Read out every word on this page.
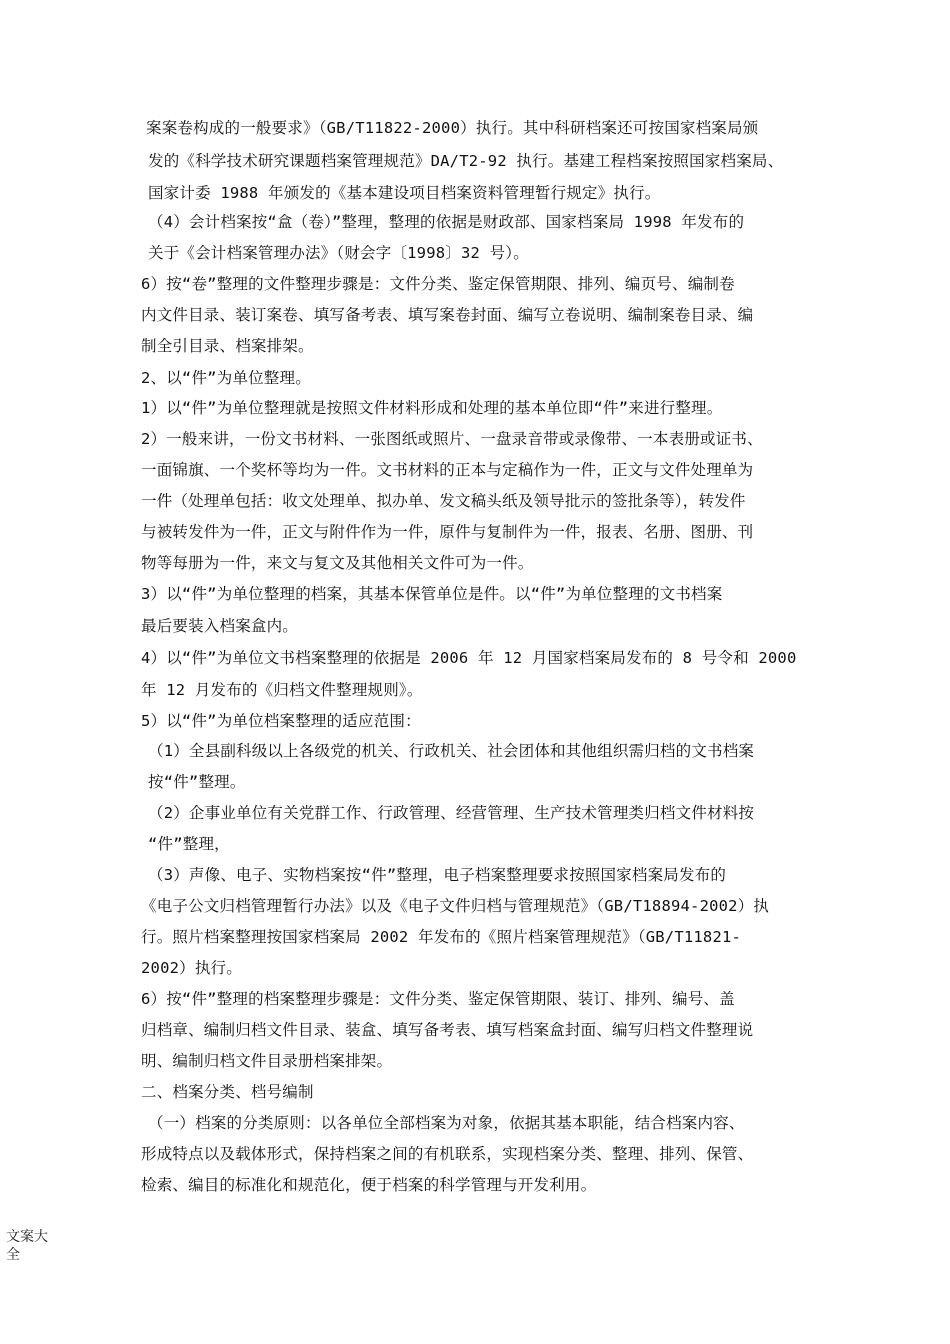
案案卷构成的一般要求》（GB/T11822-2000）执行。其中科研档案还可按国家档案局颁
发的《科学技术研究课题档案管理规范》DA/T2-92 执行。基建工程档案按照国家档案局、
国家计委 1988 年颁发的《基本建设项目档案资料管理暂行规定》执行。
（4）会计档案按“盒（卷）”整理，整理的依据是财政部、国家档案局 1998 年发布的
关于《会计档案管理办法》（财会字〔1998〕32 号）。
6）按“卷”整理的文件整理步骤是：文件分类、鉴定保管期限、排列、编页号、编制卷
内文件目录、装订案卷、填写备考表、填写案卷封面、编写立卷说明、编制案卷目录、编
制全引目录、档案排架。
2、以“件”为单位整理。
1）以“件”为单位整理就是按照文件材料形成和处理的基本单位即“件”来进行整理。
2）一般来讲，一份文书材料、一张图纸或照片、一盘录音带或录像带、一本表册或证书、
一面锦旗、一个奖杯等均为一件。文书材料的正本与定稿作为一件，正文与文件处理单为
一件（处理单包括：收文处理单、拟办单、发文稿头纸及领导批示的签批条等），转发件
与被转发件为一件，正文与附件作为一件，原件与复制件为一件，报表、名册、图册、刊
物等每册为一件，来文与复文及其他相关文件可为一件。
3）以“件”为单位整理的档案，其基本保管单位是件。以“件”为单位整理的文书档案
最后要装入档案盒内。
4）以“件”为单位文书档案整理的依据是 2006 年 12 月国家档案局发布的 8 号令和 2000
年 12 月发布的《归档文件整理规则》。
5）以“件”为单位档案整理的适应范围：
（1）全县副科级以上各级党的机关、行政机关、社会团体和其他组织需归档的文书档案
按“件”整理。
（2）企事业单位有关党群工作、行政管理、经营管理、生产技术管理类归档文件材料按
“件”整理，
（3）声像、电子、实物档案按“件”整理，电子档案整理要求按照国家档案局发布的
《电子公文归档管理暂行办法》以及《电子文件归档与管理规范》（GB/T18894-2002）执
行。照片档案整理按国家档案局 2002 年发布的《照片档案管理规范》（GB/T11821-
2002）执行。
6）按“件”整理的档案整理步骤是：文件分类、鉴定保管期限、装订、排列、编号、盖
归档章、编制归档文件目录、装盒、填写备考表、填写档案盒封面、编写归档文件整理说
明、编制归档文件目录册档案排架。
二、档案分类、档号编制
（一）档案的分类原则：以各单位全部档案为对象，依据其基本职能，结合档案内容、
形成特点以及载体形式，保持档案之间的有机联系，实现档案分类、整理、排列、保管、
检索、编目的标准化和规范化，便于档案的科学管理与开发利用。
文案大全
